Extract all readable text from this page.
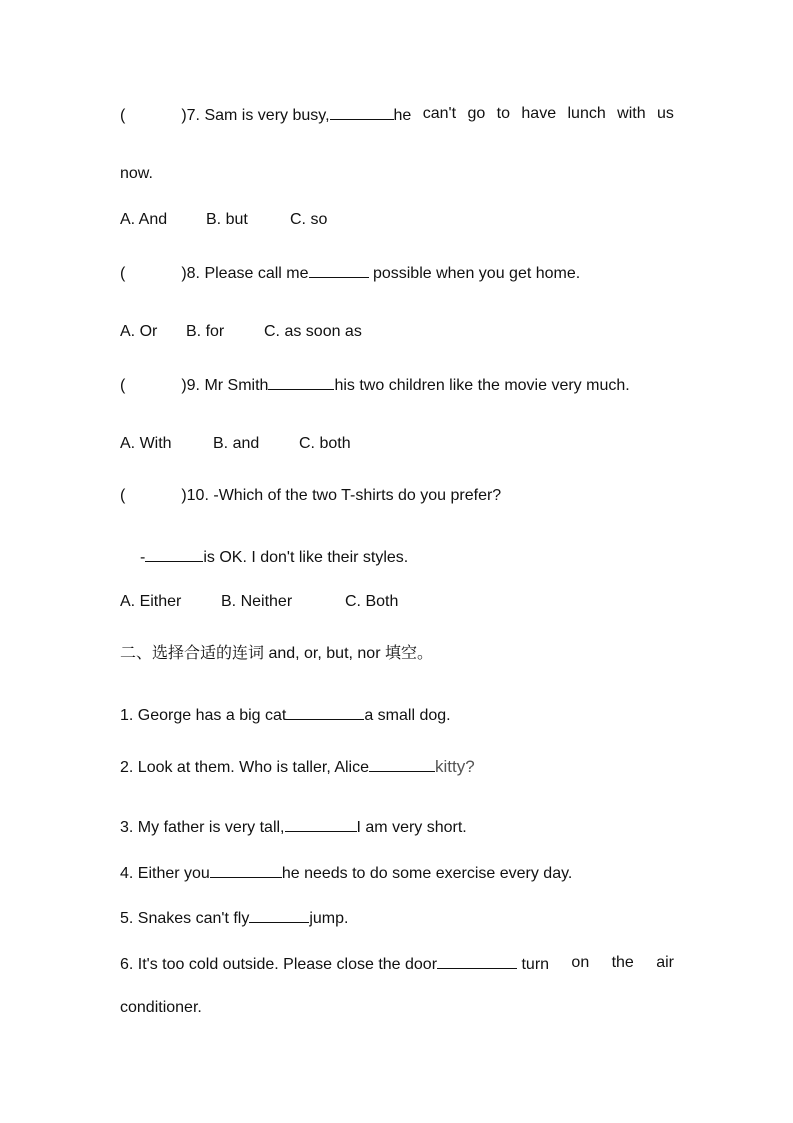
(	)7. Sam is very busy,	he can't go to have lunch with us
now.
A. And B. but	C. so
(	)8. Please call me	possible when you get home.
A. Or B. for C. as soon as
(	)9. Mr Smith	his two children like the movie very much.
A. With	B. and C. both
(	)10. -Which of the two T-shirts do you prefer?
-	is OK. I don't like their styles.
A. Either B. Neither	C. Both
二、选择合适的连词 and, or, but, nor 填空。
1. George has a big cat	a small dog.
2. Look at them. Who is taller, Alice	kitty?
3. My father is very tall,	I am very short.
4. Either you	he needs to do some exercise every day.
5. Snakes can't fly	jump.
6. It's too cold outside. Please close the door	turn on the air
conditioner.
